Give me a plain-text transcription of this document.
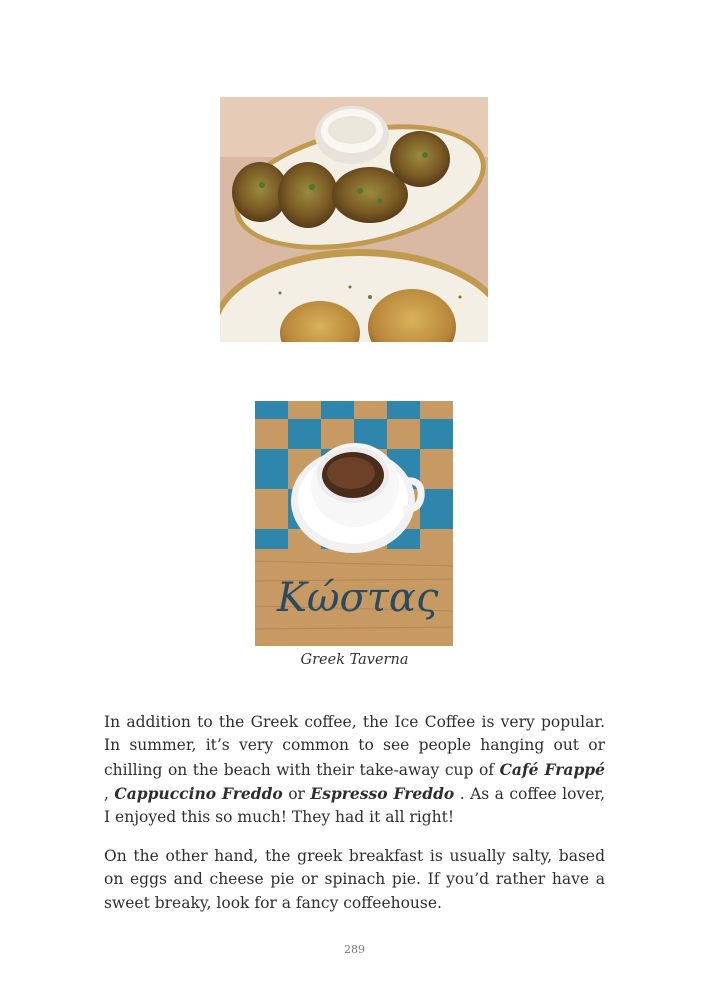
Κώστας
Greek Taverna

In addition to the Greek coffee, the Ice Coffee is very popular. In summer, it’s very common to see people hanging out or chilling on the beach with their take-away cup of Café Frappé , Cappuccino Freddo or Espresso Freddo . As a coffee lover, I enjoyed this so much! They had it all right!

On the other hand, the greek breakfast is usually salty, based on eggs and cheese pie or spinach pie. If you’d rather have a sweet breaky, look for a fancy coffeehouse.

289
